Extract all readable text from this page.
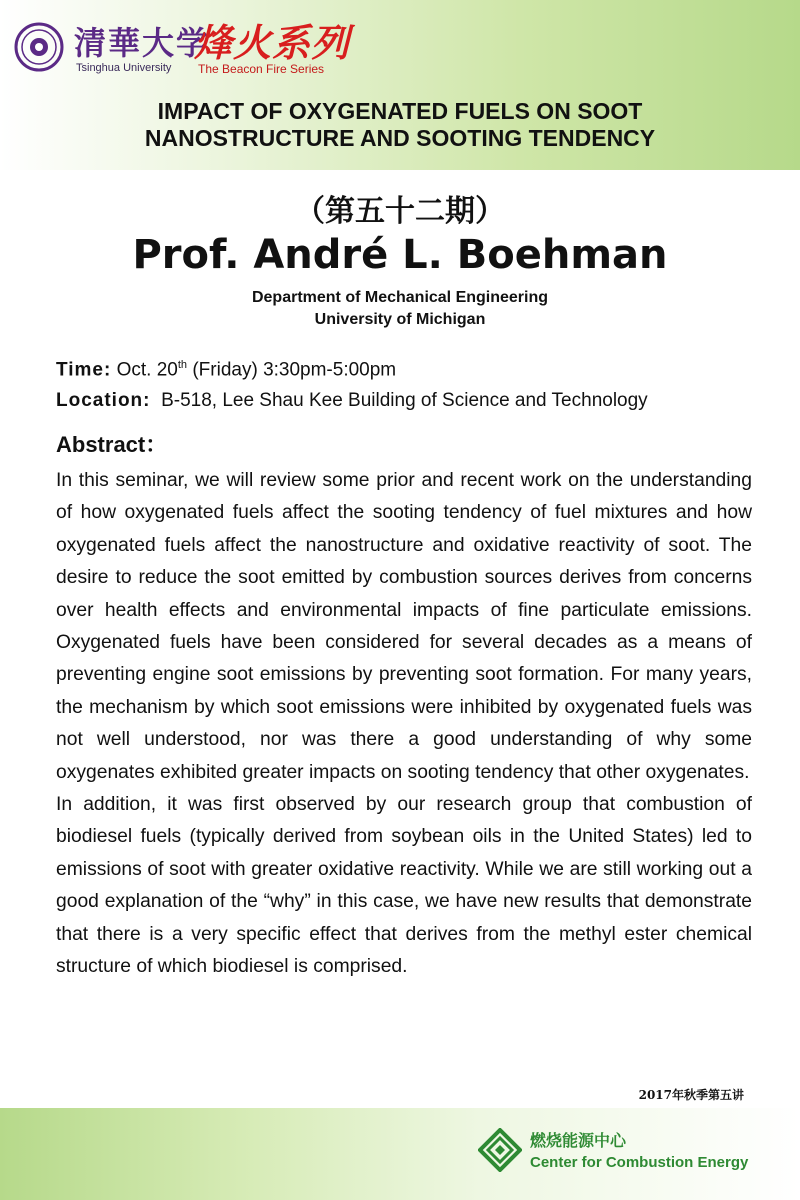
清華大学
Tsinghua University
烽火系列
The Beacon Fire Series
IMPACT OF OXYGENATED FUELS ON SOOT
NANOSTRUCTURE AND SOOTING TENDENCY
（第五十二期）
Prof. André L. Boehman
Department of Mechanical Engineering
University of Michigan
Time: Oct. 20th (Friday) 3:30pm-5:00pm
Location: B-518, Lee Shau Kee Building of Science and Technology
Abstract：

In this seminar, we will review some prior and recent work on the understanding of how oxygenated fuels affect the sooting tendency of fuel mixtures and how oxygenated fuels affect the nanostructure and oxidative reactivity of soot. The desire to reduce the soot emitted by combustion sources derives from concerns over health effects and environmental impacts of fine particulate emissions. Oxygenated fuels have been considered for several decades as a means of preventing engine soot emissions by preventing soot formation. For many years, the mechanism by which soot emissions were inhibited by oxygenated fuels was not well understood, nor was there a good understanding of why some oxygenates exhibited greater impacts on sooting tendency that other oxygenates.

In addition, it was first observed by our research group that combustion of biodiesel fuels (typically derived from soybean oils in the United States) led to emissions of soot with greater oxidative reactivity. While we are still working out a good explanation of the “why” in this case, we have new results that demonstrate that there is a very specific effect that derives from the methyl ester chemical structure of which biodiesel is comprised.

2017年秋季第五讲
燃烧能源中心
Center for Combustion Energy
